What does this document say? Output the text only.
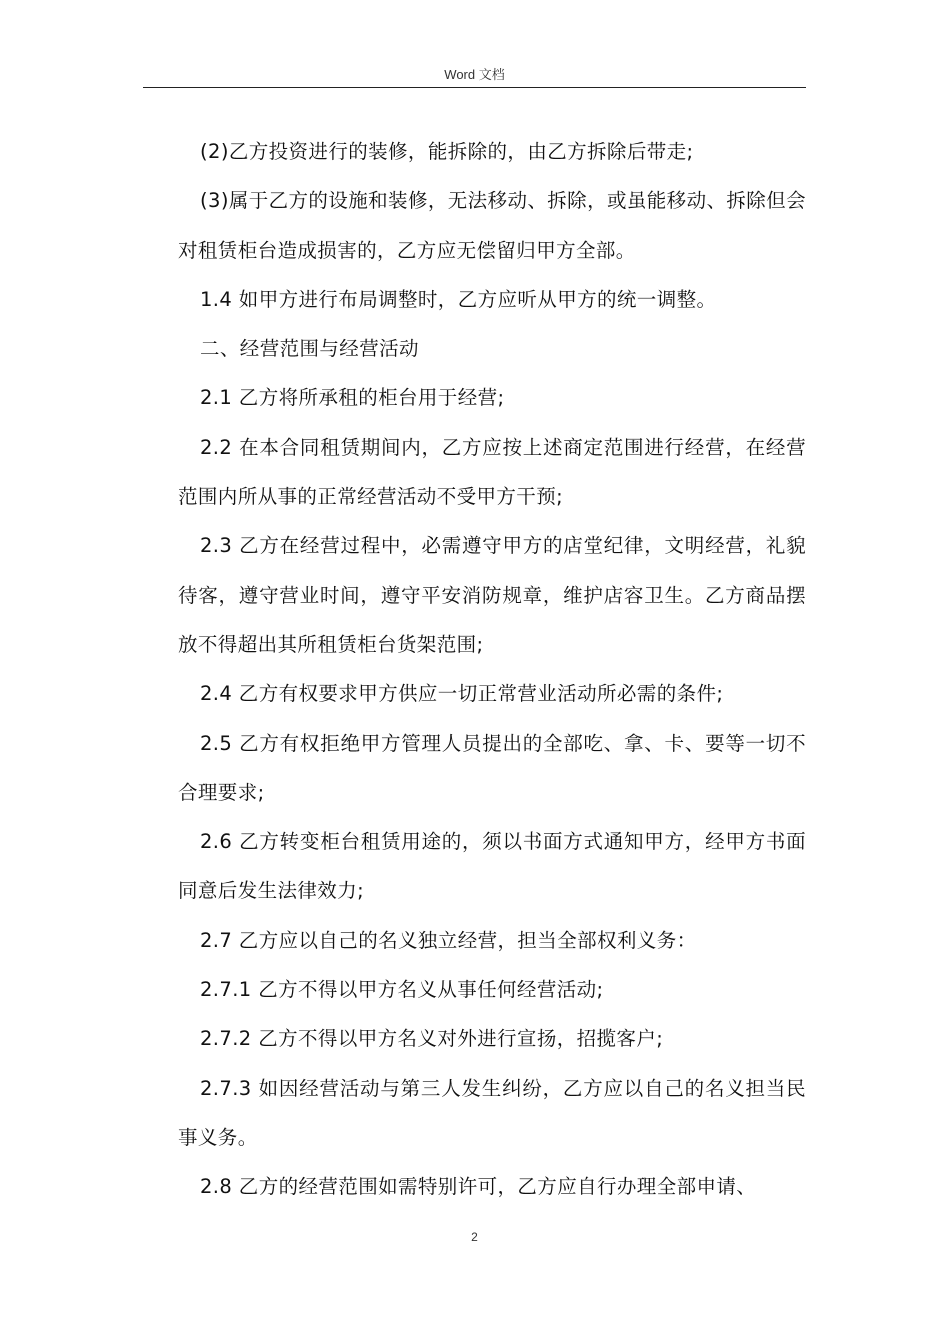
Word 文档

(2)乙方投资进行的装修，能拆除的，由乙方拆除后带走;

(3)属于乙方的设施和装修，无法移动、拆除，或虽能移动、拆除但会对租赁柜台造成损害的，乙方应无偿留归甲方全部。

1.4 如甲方进行布局调整时，乙方应听从甲方的统一调整。

二、经营范围与经营活动

2.1 乙方将所承租的柜台用于经营;

2.2 在本合同租赁期间内，乙方应按上述商定范围进行经营，在经营范围内所从事的正常经营活动不受甲方干预;

2.3 乙方在经营过程中，必需遵守甲方的店堂纪律，文明经营，礼貌待客，遵守营业时间，遵守平安消防规章，维护店容卫生。乙方商品摆放不得超出其所租赁柜台货架范围;

2.4 乙方有权要求甲方供应一切正常营业活动所必需的条件;

2.5 乙方有权拒绝甲方管理人员提出的全部吃、拿、卡、要等一切不合理要求;

2.6 乙方转变柜台租赁用途的，须以书面方式通知甲方，经甲方书面同意后发生法律效力;

2.7 乙方应以自己的名义独立经营，担当全部权利义务：

2.7.1 乙方不得以甲方名义从事任何经营活动;

2.7.2 乙方不得以甲方名义对外进行宣扬，招揽客户;

2.7.3 如因经营活动与第三人发生纠纷，乙方应以自己的名义担当民事义务。

2.8 乙方的经营范围如需特别许可，乙方应自行办理全部申请、

2
